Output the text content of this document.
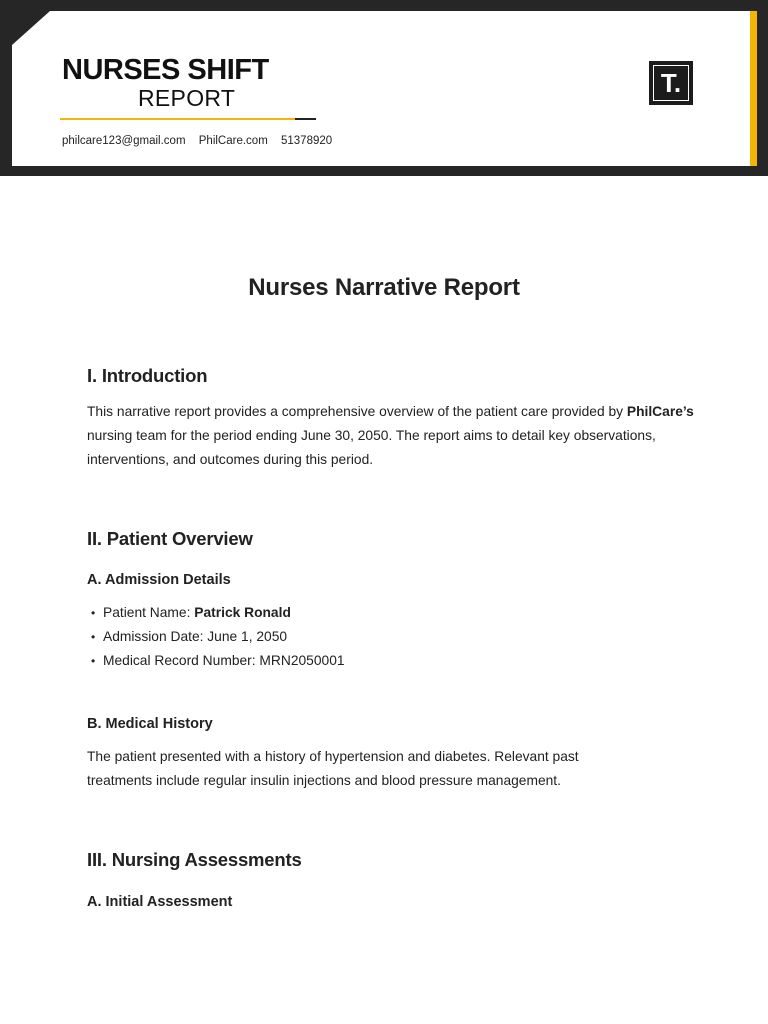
NURSES SHIFT
REPORT
philcare123@gmail.com PhilCare.com 51378920
T.
Nurses Narrative Report
I. Introduction
This narrative report provides a comprehensive overview of the patient care provided by PhilCare’s nursing team for the period ending June 30, 2050. The report aims to detail key observations, interventions, and outcomes during this period.
II. Patient Overview
A. Admission Details
• Patient Name: Patrick Ronald
• Admission Date: June 1, 2050
• Medical Record Number: MRN2050001
B. Medical History
The patient presented with a history of hypertension and diabetes. Relevant past treatments include regular insulin injections and blood pressure management.
III. Nursing Assessments
A. Initial Assessment
